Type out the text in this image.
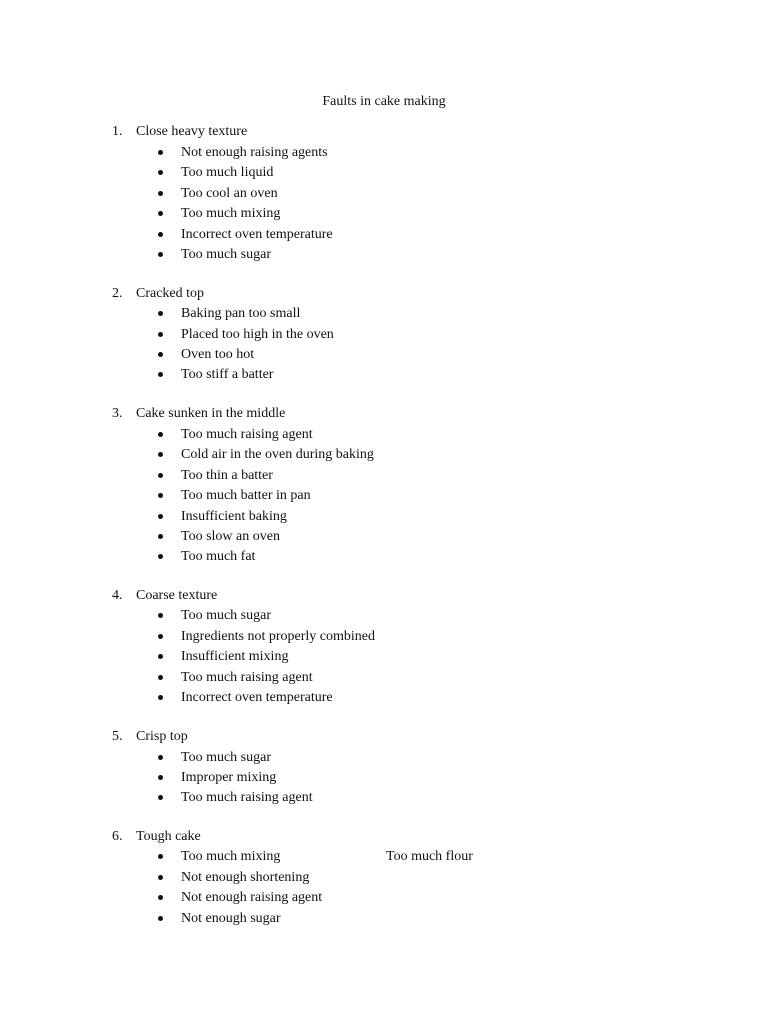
Faults in cake making
1. Close heavy texture
Not enough raising agents
Too much liquid
Too cool an oven
Too much mixing
Incorrect oven temperature
Too much sugar
2. Cracked top
Baking pan too small
Placed too high in the oven
Oven too hot
Too stiff a batter
3. Cake sunken in the middle
Too much raising agent
Cold air in the oven during baking
Too thin a batter
Too much batter in pan
Insufficient baking
Too slow an oven
Too much fat
4. Coarse texture
Too much sugar
Ingredients not properly combined
Insufficient mixing
Too much raising agent
Incorrect oven temperature
5. Crisp top
Too much sugar
Improper mixing
Too much raising agent
6. Tough cake
Too much mixing	Too much flour
Not enough shortening
Not enough raising agent
Not enough sugar
